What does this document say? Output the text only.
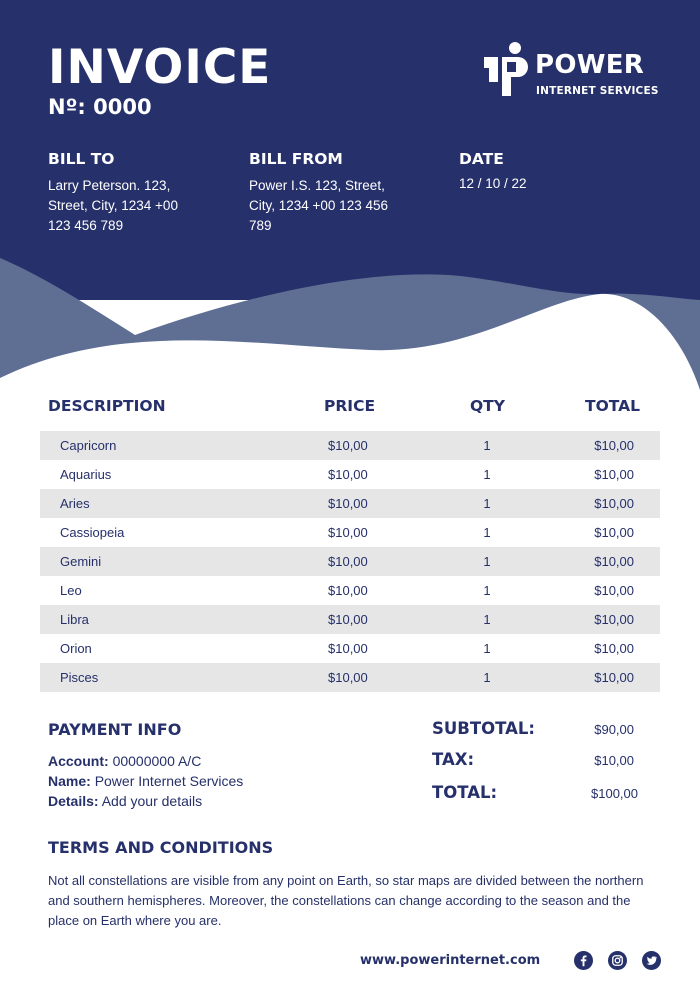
INVOICE

Nº: 0000

POWER
INTERNET SERVICES

BILL TO

Larry Peterson. 123,

Street, City, 1234 +00

123 456 789

BILL FROM

Power I.S. 123, Street,

City, 1234 +00 123 456

789

DATE

12 / 10 / 22

DESCRIPTION	PRICE	QTY	TOTAL
Capricorn	$10,00	1	$10,00
Aquarius	$10,00	1	$10,00
Aries	$10,00	1	$10,00
Cassiopeia	$10,00	1	$10,00
Gemini	$10,00	1	$10,00
Leo	$10,00	1	$10,00
Libra	$10,00	1	$10,00
Orion	$10,00	1	$10,00
Pisces	$10,00	1	$10,00

PAYMENT INFO

Account: 00000000 A/C
Name: Power Internet Services
Details: Add your details
SUBTOTAL:	$90,00
TAX:	$10,00
TOTAL:	$100,00

TERMS AND CONDITIONS

Not all constellations are visible from any point on Earth, so star maps are divided between the northern and southern hemispheres. Moreover, the constellations can change according to the season and the place on Earth where you are.

www.powerinternet.com
